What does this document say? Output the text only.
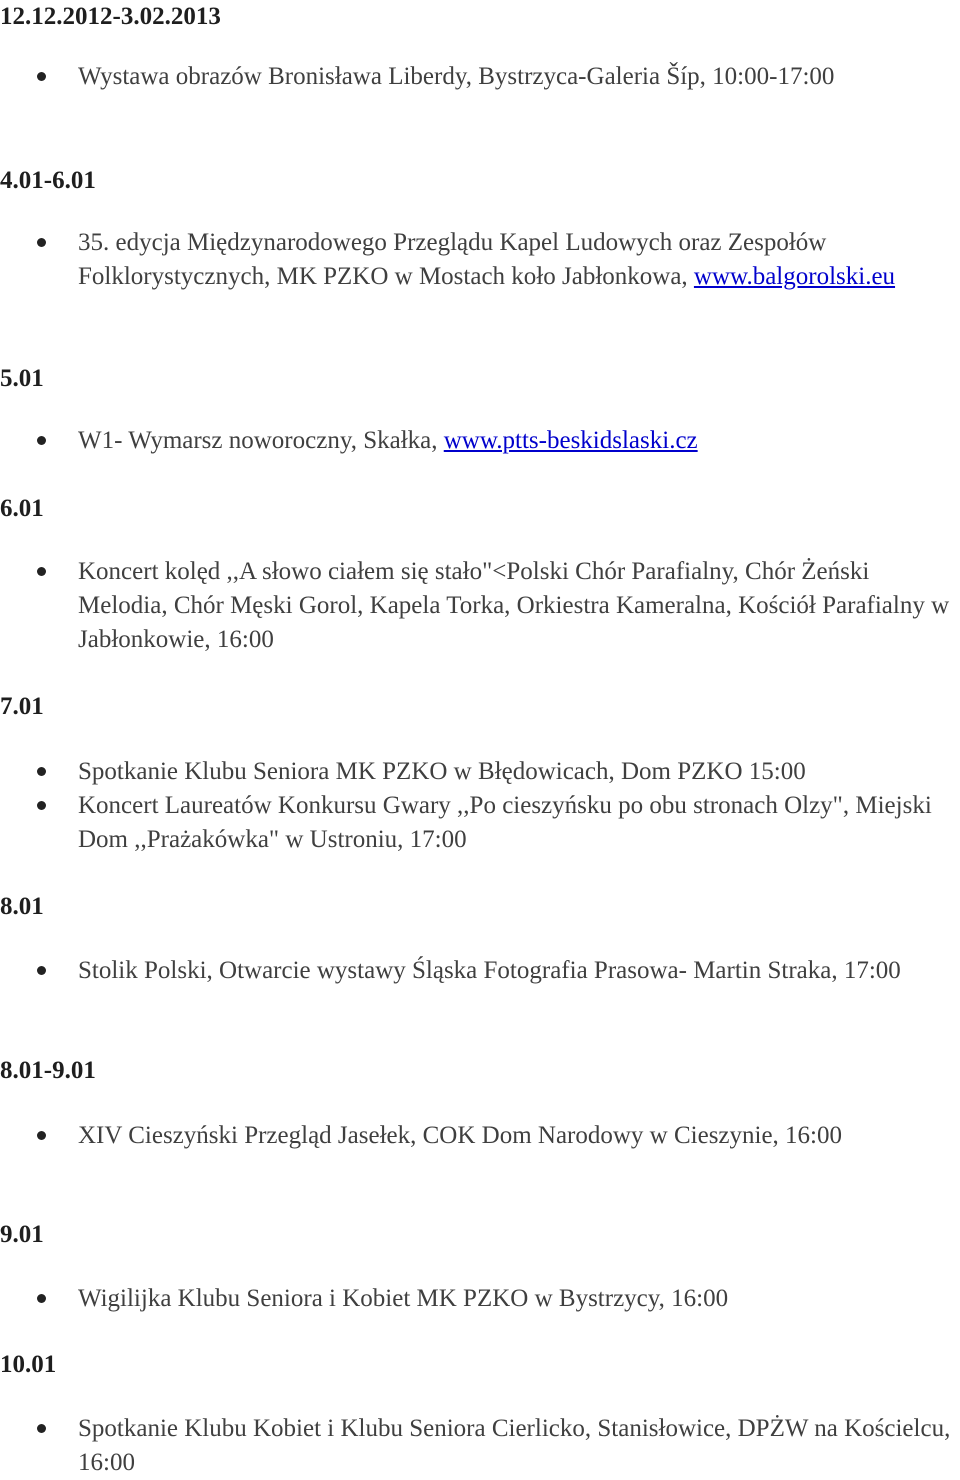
12.12.2012-3.02.2013

Wystawa obrazów Bronisława Liberdy, Bystrzyca-Galeria Šíp, 10:00-17:00

4.01-6.01

35. edycja Międzynarodowego Przeglądu Kapel Ludowych oraz Zespołów Folklorystycznych, MK PZKO w Mostach koło Jabłonkowa, www.balgorolski.eu

5.01

W1- Wymarsz noworoczny, Skałka, www.ptts-beskidslaski.cz

6.01

Koncert kolęd ,,A słowo ciałem się stało"<Polski Chór Parafialny, Chór Żeński Melodia, Chór Męski Gorol, Kapela Torka, Orkiestra Kameralna, Kościół Parafialny w Jabłonkowie, 16:00

7.01

Spotkanie Klubu Seniora MK PZKO w Błędowicach, Dom PZKO 15:00

Koncert Laureatów Konkursu Gwary ,,Po cieszyńsku po obu stronach Olzy", Miejski Dom ,,Prażakówka" w Ustroniu, 17:00

8.01

Stolik Polski, Otwarcie wystawy Śląska Fotografia Prasowa- Martin Straka, 17:00

8.01-9.01

XIV Cieszyński Przegląd Jasełek, COK Dom Narodowy w Cieszynie, 16:00

9.01

Wigilijka Klubu Seniora i Kobiet MK PZKO w Bystrzycy, 16:00

10.01

Spotkanie Klubu Kobiet i Klubu Seniora Cierlicko, Stanisłowice, DPŻW na Kościelcu, 16:00
